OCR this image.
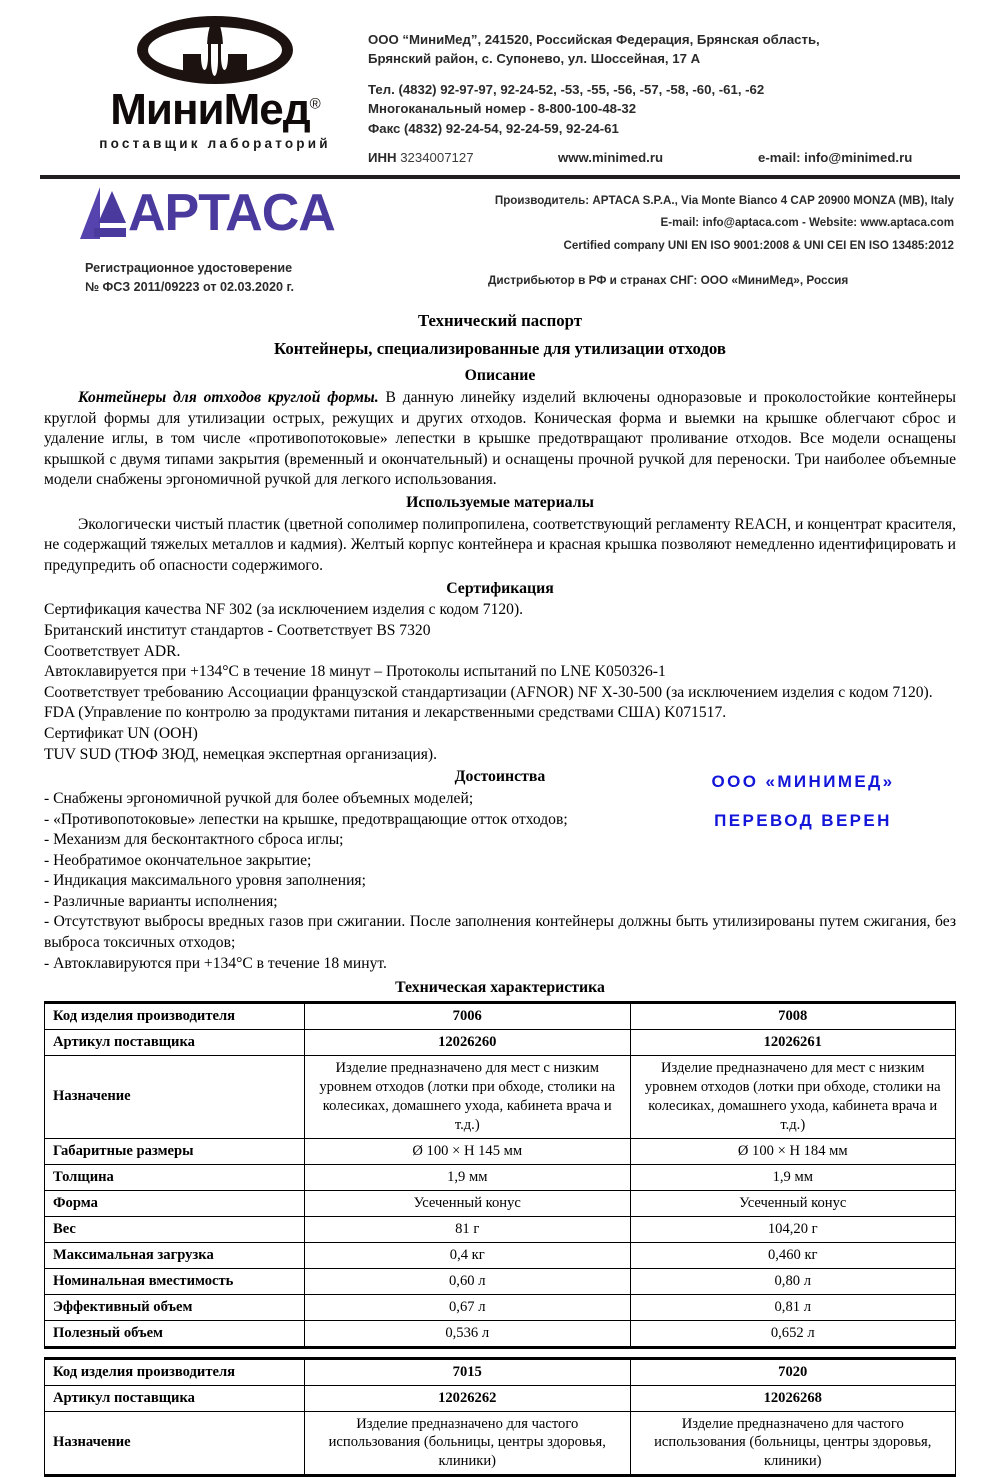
МиниМед®
поставщик лабораторий
ООО “МиниМед”, 241520, Российская Федерация, Брянская область,
Брянский район, с. Супонево, ул. Шоссейная, 17 А
Тел. (4832) 92-97-97, 92-24-52, -53, -55, -56, -57, -58, -60, -61, -62
Многоканальный номер - 8-800-100-48-32
Факс (4832) 92-24-54, 92-24-59, 92-24-61
ИНН 3234007127	www.minimed.ru	e-mail: info@minimed.ru
APTACA	Производитель: APTACA S.P.A., Via Monte Bianco 4 CAP 20900 MONZA (MB), Italy
E-mail: info@aptaca.com - Website: www.aptaca.com
Certified company UNI EN ISO 9001:2008 & UNI CEI EN ISO 13485:2012
Регистрационное удостоверение
№ ФСЗ 2011/09223 от 02.03.2020 г.	Дистрибьютор в РФ и странах СНГ: ООО «МиниМед», Россия
Технический паспорт
Контейнеры, специализированные для утилизации отходов
Описание

Контейнеры для отходов круглой формы. В данную линейку изделий включены одноразовые и проколостойкие контейнеры круглой формы для утилизации острых, режущих и других отходов. Коническая форма и выемки на крышке облегчают сброс и удаление иглы, в том числе «противопотоковые» лепестки в крышке предотвращают проливание отходов. Все модели оснащены крышкой с двумя типами закрытия (временный и окончательный) и оснащены прочной ручкой для переноски. Три наиболее объемные модели снабжены эргономичной ручкой для легкого использования.

Используемые материалы

Экологически чистый пластик (цветной сополимер полипропилена, соответствующий регламенту REACH, и концентрат красителя, не содержащий тяжелых металлов и кадмия). Желтый корпус контейнера и красная крышка позволяют немедленно идентифицировать и предупредить об опасности содержимого.

Сертификация

Сертификация качества NF 302 (за исключением изделия с кодом 7120).

Британский институт стандартов - Соответствует BS 7320

Соответствует ADR.

Автоклавируется при +134°С в течение 18 минут – Протоколы испытаний по LNE K050326-1

Соответствует требованию Ассоциации французской стандартизации (AFNOR) NF X-30-500 (за исключением изделия с кодом 7120).

FDA (Управление по контролю за продуктами питания и лекарственными средствами США) K071517.

Сертификат UN (ООН)

TUV SUD (ТЮФ ЗЮД, немецкая экспертная организация).

ООО «МИНИМЕД»
ПЕРЕВОД ВЕРЕН
Достоинства

- Снабжены эргономичной ручкой для более объемных моделей;

- «Противопотоковые» лепестки на крышке, предотвращающие отток отходов;

- Механизм для бесконтактного сброса иглы;

- Необратимое окончательное закрытие;

- Индикация максимального уровня заполнения;

- Различные варианты исполнения;

- Отсутствуют выбросы вредных газов при сжигании. После заполнения контейнеры должны быть утилизированы путем сжигания, без выброса токсичных отходов;

- Автоклавируются при +134°С в течение 18 минут.

Техническая характеристика
Код изделия производителя	7006	7008
Артикул поставщика	12026260	12026261
Назначение	Изделие предназначено для мест с низким уровнем отходов (лотки при обходе, столики на колесиках, домашнего ухода, кабинета врача и т.д.)	Изделие предназначено для мест с низким уровнем отходов (лотки при обходе, столики на колесиках, домашнего ухода, кабинета врача и т.д.)
Габаритные размеры	Ø 100 × H 145 мм	Ø 100 × H 184 мм
Толщина	1,9 мм	1,9 мм
Форма	Усеченный конус	Усеченный конус
Вес	81 г	104,20 г
Максимальная загрузка	0,4 кг	0,460 кг
Номинальная вместимость	0,60 л	0,80 л
Эффективный объем	0,67 л	0,81 л
Полезный объем	0,536 л	0,652 л
Код изделия производителя	7015	7020
Артикул поставщика	12026262	12026268
Назначение	Изделие предназначено для частого использования (больницы, центры здоровья, клиники)	Изделие предназначено для частого использования (больницы, центры здоровья, клиники)
